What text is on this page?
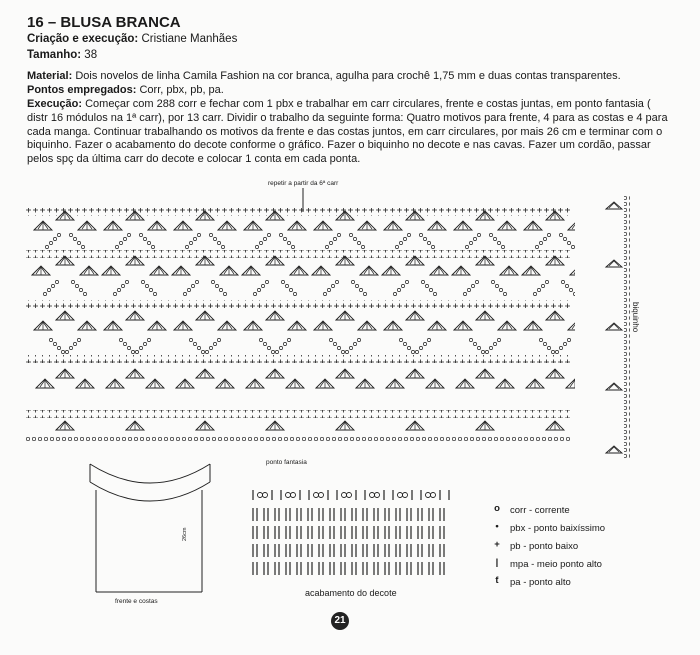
16 – BLUSA BRANCA
Criação e execução: Cristiane Manhães
Tamanho: 38
Material: Dois novelos de linha Camila Fashion na cor branca, agulha para crochê 1,75 mm e duas contas transparentes.
Pontos empregados: Corr, pbx, pb, pa.
Execução: Começar com 288 corr e fechar com 1 pbx e trabalhar em carr circulares, frente e costas juntas, em ponto fantasia ( distr 16 módulos na 1ª carr), por 13 carr. Dividir o trabalho da seguinte forma: Quatro motivos para frente, 4 para as costas e 4 para cada manga. Continuar trabalhando os motivos da frente e das costas juntos, em carr circulares, por mais 26 cm e terminar com o biquinho. Fazer o acabamento do decote conforme o gráfico. Fazer o biquinho no decote e nas cavas. Fazer um cordão, passar pelos spç da última carr do decote e colocar 1 conta em cada ponta.
repetir a partir da 6ª carr
ponto fantasia
biquinho
26cm
frente e costas
acabamento do decote
o	corr - corrente
•	pbx - ponto baixíssimo
+	pb - ponto baixo
|	mpa - meio ponto alto
ƭ	pa - ponto alto
21
